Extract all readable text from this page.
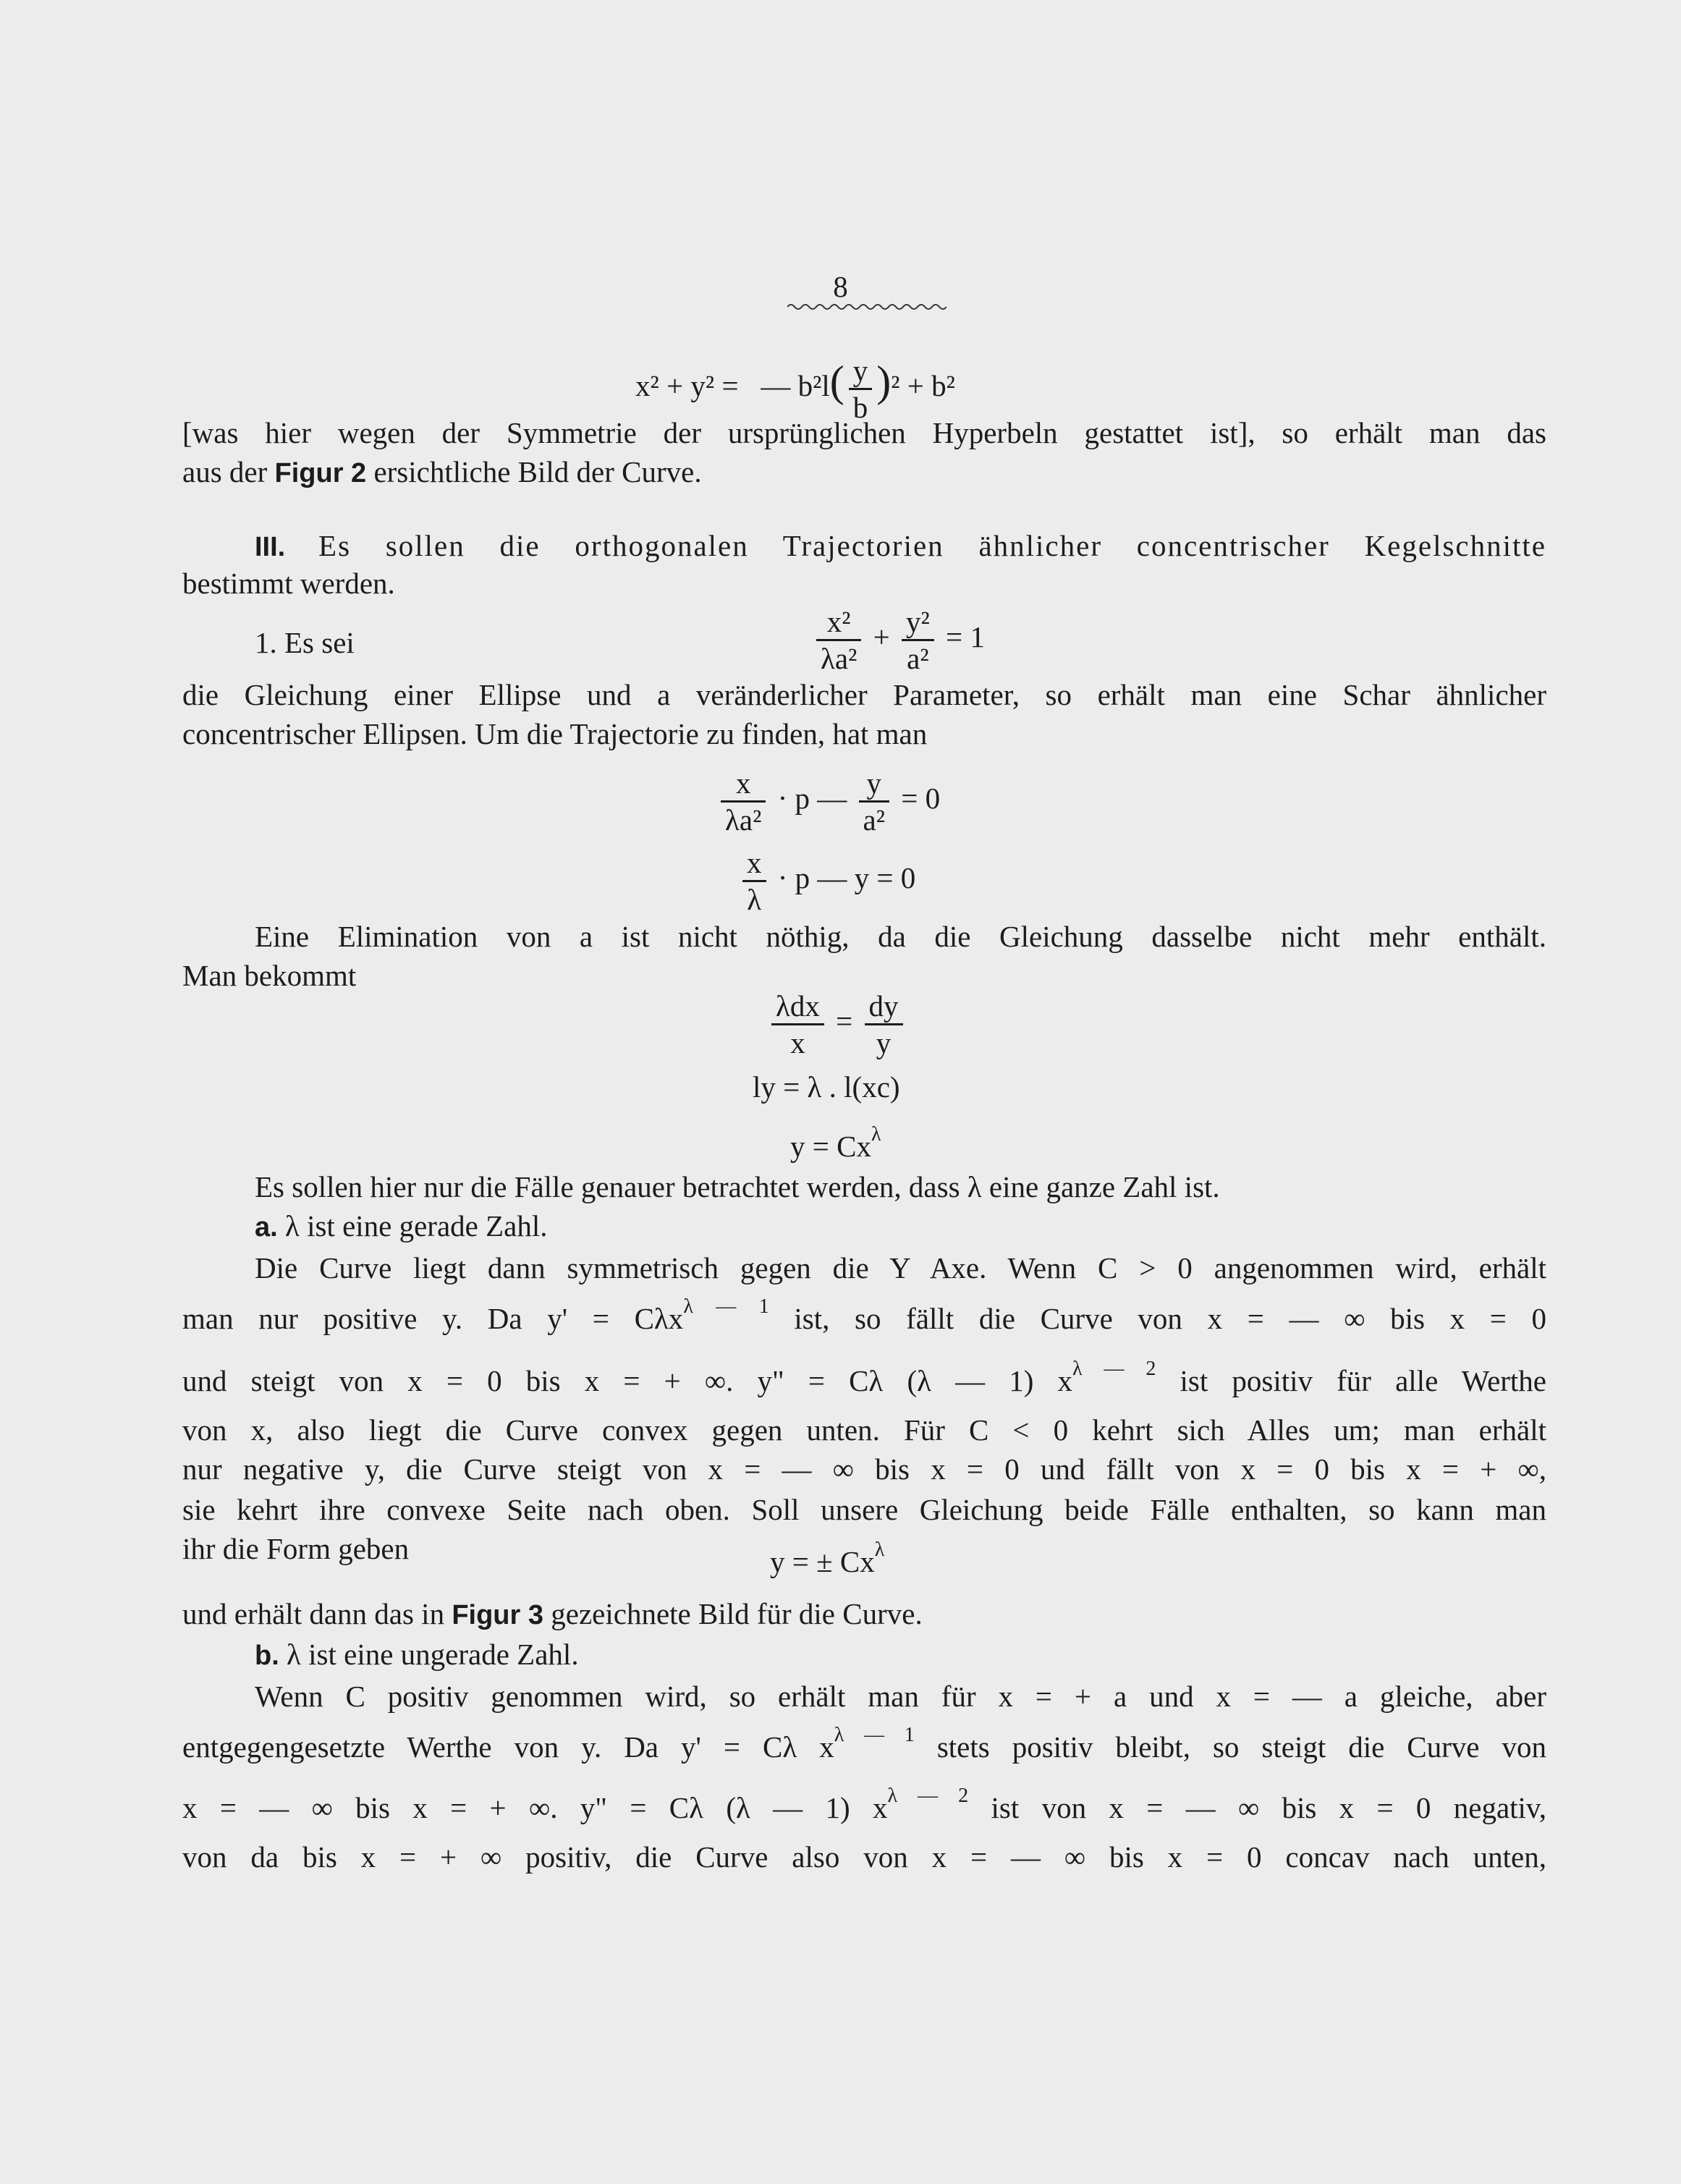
8
x² + y² = — $b^2l( \frac{y}{b} )^2 + b^2$
[was hier wegen der Symmetrie der ursprünglichen Hyperbeln gestattet ist], so erhält man das
aus der Figur 2 ersichtliche Bild der Curve.
III. Es sollen die orthogonalen Trajectorien ähnlicher concentrischer Kegelschnitte
bestimmt werden.
1. Es sei	$\frac{\text{x²}}{\text{λa²}} + \frac{\text{y²}}{\text{a²}} = 1$
die Gleichung einer Ellipse und a veränderlicher Parameter, so erhält man eine Schar ähnlicher
concentrischer Ellipsen. Um die Trajectorie zu finden, hat man
$\frac{x}{\text{λa²}} \cdot p$ — $\frac{y}{\text{a²}} = 0$
$\frac{x}{\lambda} \cdot p$ — y = 0
Eine Elimination von a ist nicht nöthig, da die Gleichung dasselbe nicht mehr enthält.
Man bekommt
$\frac{\text{λdx}}{x} = \frac{dy}{y}$
ly = λ . l(xc)
$y = Cx^\lambda$
Es sollen hier nur die Fälle genauer betrachtet werden, dass λ eine ganze Zahl ist.
a. λ ist eine gerade Zahl.
Die Curve liegt dann symmetrisch gegen die Y Axe. Wenn C > 0 angenommen wird, erhält
man nur positive y. Da y' = Cλx$^{\lambda — 1}$ ist, so fällt die Curve von x = — ∞ bis x = 0
und steigt von x = 0 bis x = + ∞. y" = Cλ (λ — 1) $x^{\lambda — 2}$ ist positiv für alle Werthe
von x, also liegt die Curve convex gegen unten. Für C < 0 kehrt sich Alles um; man erhält
nur negative y, die Curve steigt von x = — ∞ bis x = 0 und fällt von x = 0 bis x = + ∞,
sie kehrt ihre convexe Seite nach oben. Soll unsere Gleichung beide Fälle enthalten, so kann man
ihr die Form geben	y = ± $Cx^\lambda$
und erhält dann das in Figur 3 gezeichnete Bild für die Curve.
b. λ ist eine ungerade Zahl.
Wenn C positiv genommen wird, so erhält man für x = + a und x = — a gleiche, aber
entgegengesetzte Werthe von y. Da y' = Cλ $x^{\lambda — 1}$ stets positiv bleibt, so steigt die Curve von
x = — ∞ bis x = + ∞. y" = Cλ (λ — 1) $x^{\lambda — 2}$ ist von x = — ∞ bis x = 0 negativ,
von da bis x = + ∞ positiv, die Curve also von x = — ∞ bis x = 0 concav nach unten,
